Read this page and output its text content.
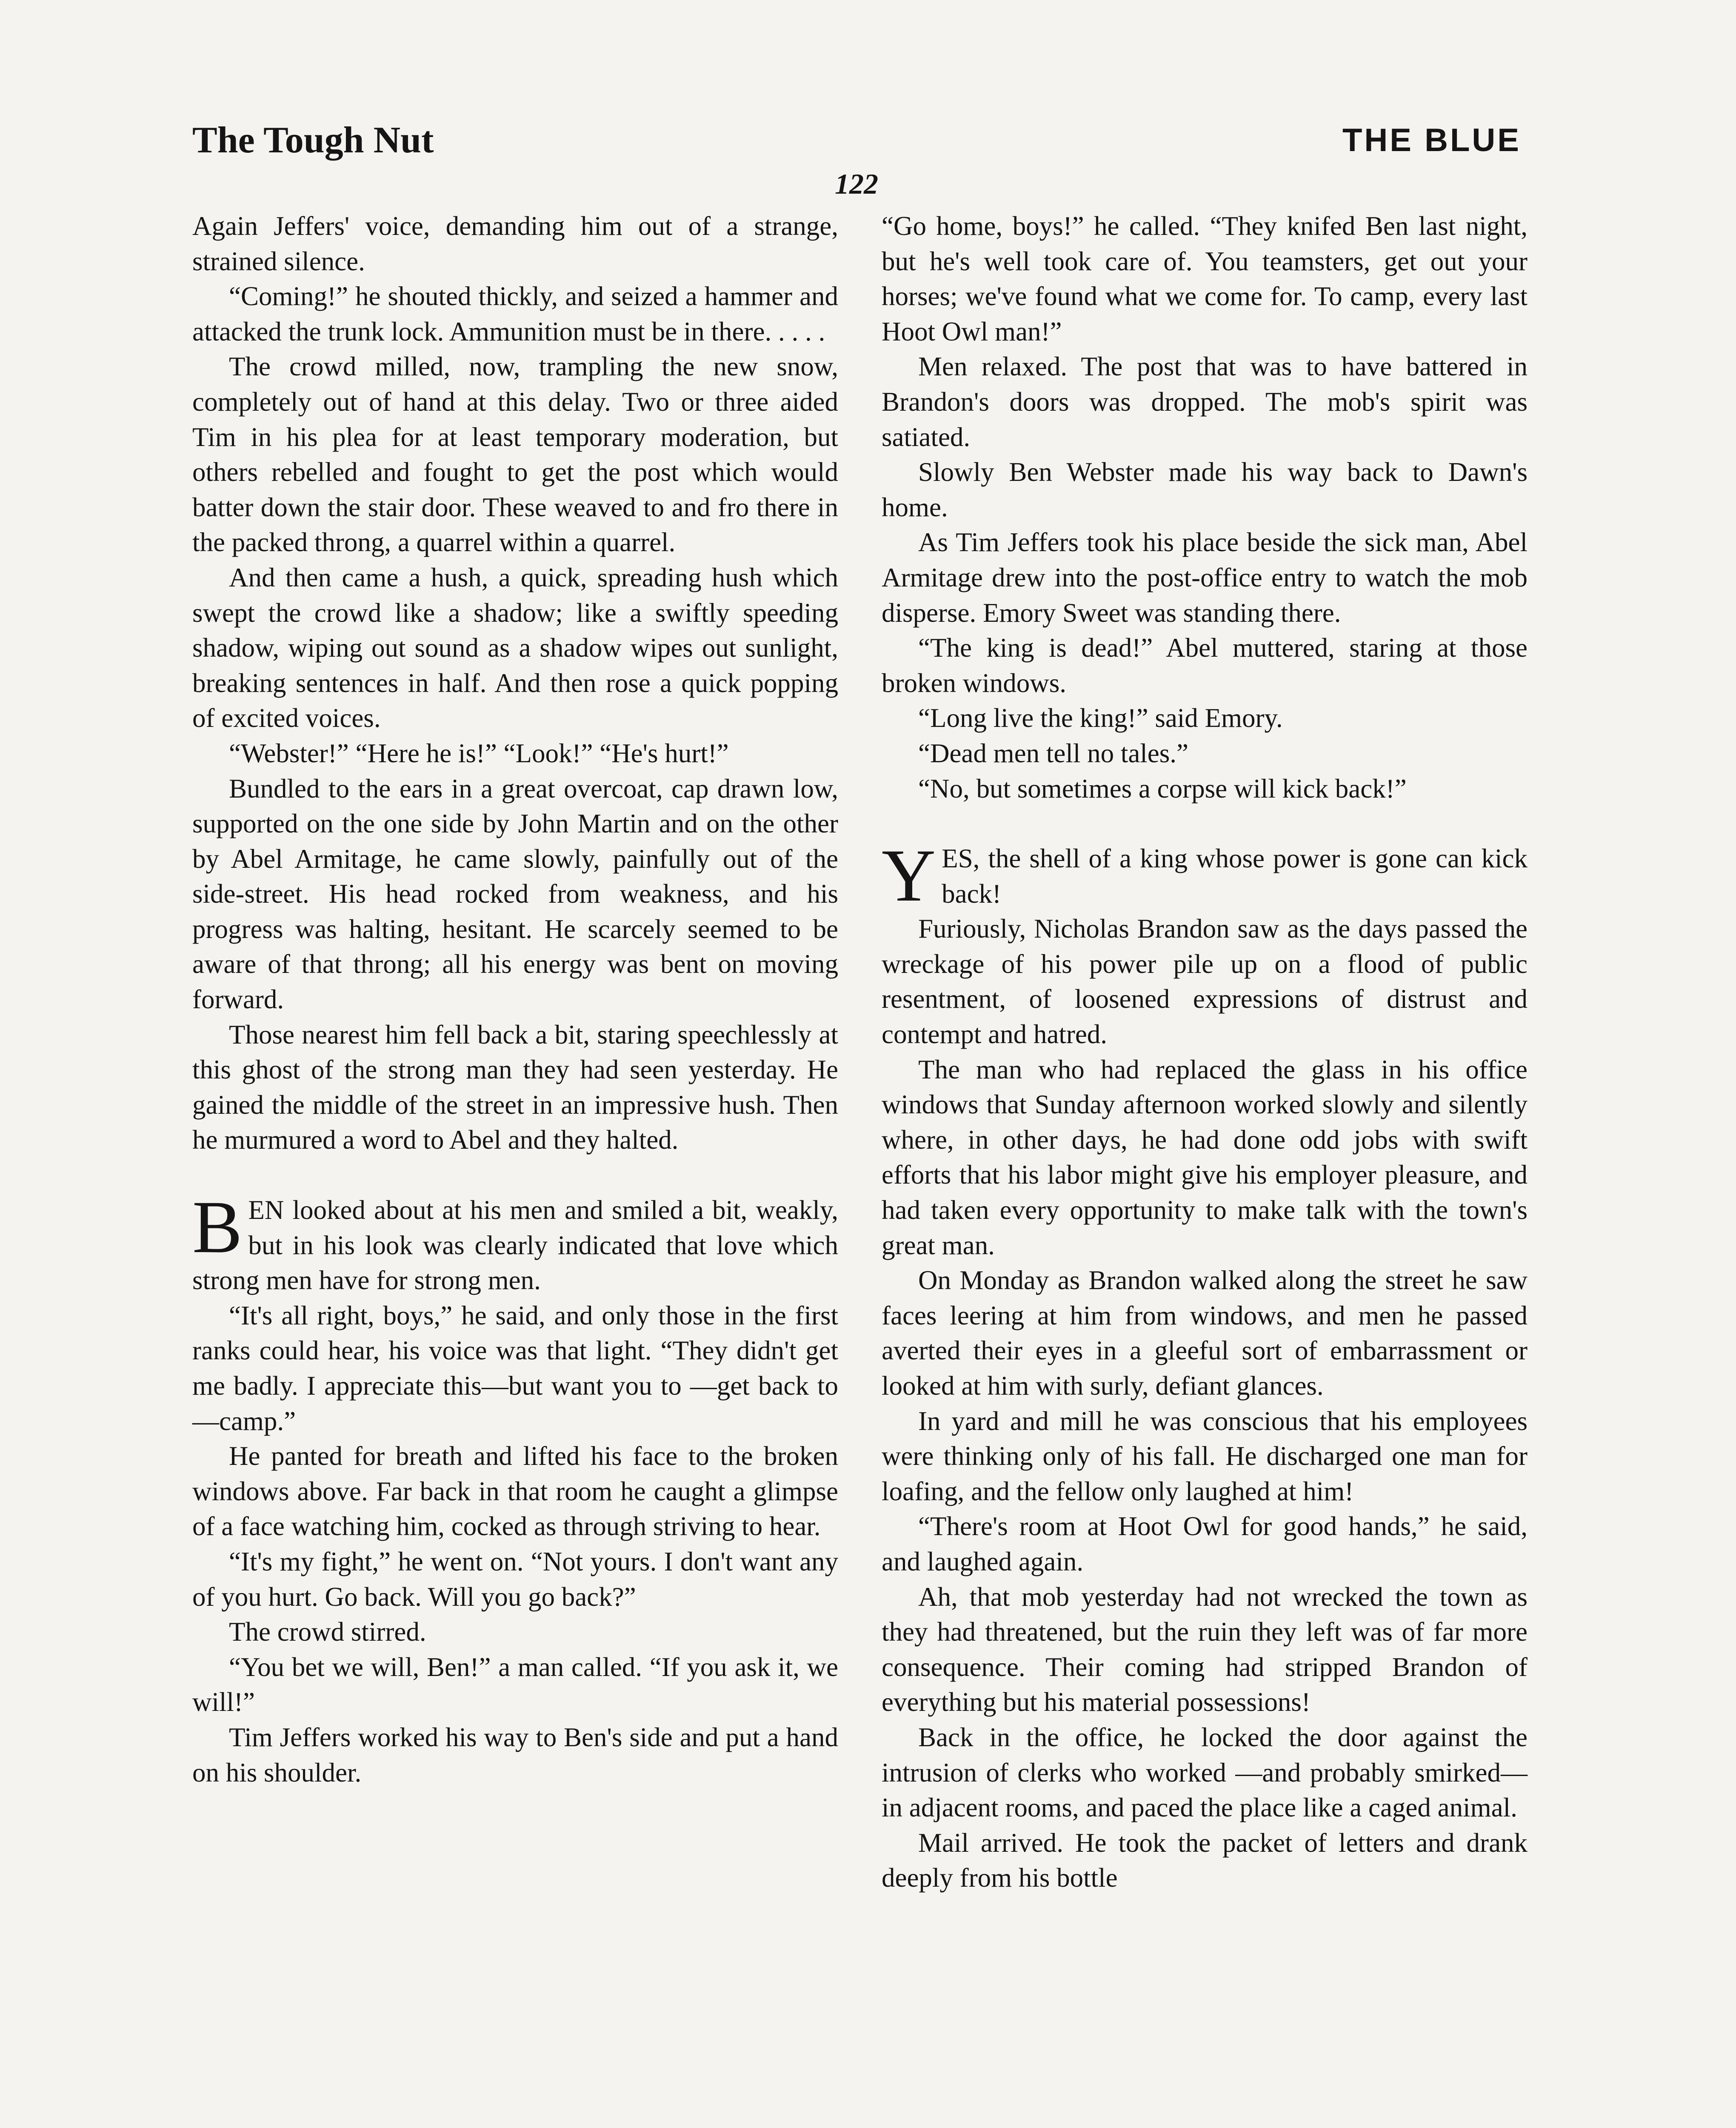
The Tough Nut	THE BLUE
122

Again Jeffers' voice, demanding him out of a strange, strained silence.

“Coming!” he shouted thickly, and seized a hammer and attacked the trunk lock. Ammunition must be in there. . . . .

The crowd milled, now, trampling the new snow, completely out of hand at this delay. Two or three aided Tim in his plea for at least temporary moderation, but others rebelled and fought to get the post which would batter down the stair door. These weaved to and fro there in the packed throng, a quarrel within a quarrel.

And then came a hush, a quick, spreading hush which swept the crowd like a shadow; like a swiftly speeding shadow, wiping out sound as a shadow wipes out sunlight, breaking sentences in half. And then rose a quick popping of excited voices.

“Webster!” “Here he is!” “Look!” “He's hurt!”

Bundled to the ears in a great overcoat, cap drawn low, supported on the one side by John Martin and on the other by Abel Armitage, he came slowly, painfully out of the side-street. His head rocked from weakness, and his progress was halting, hesitant. He scarcely seemed to be aware of that throng; all his energy was bent on moving forward.

Those nearest him fell back a bit, staring speechlessly at this ghost of the strong man they had seen yesterday. He gained the middle of the street in an impressive hush. Then he murmured a word to Abel and they halted.

BEN looked about at his men and smiled a bit, weakly, but in his look was clearly indicated that love which strong men have for strong men.

“It's all right, boys,” he said, and only those in the first ranks could hear, his voice was that light. “They didn't get me badly. I appreciate this—but want you to —get back to—camp.”

He panted for breath and lifted his face to the broken windows above. Far back in that room he caught a glimpse of a face watching him, cocked as through striving to hear.

“It's my fight,” he went on. “Not yours. I don't want any of you hurt. Go back. Will you go back?”

The crowd stirred.

“You bet we will, Ben!” a man called. “If you ask it, we will!”

Tim Jeffers worked his way to Ben's side and put a hand on his shoulder.

“Go home, boys!” he called. “They knifed Ben last night, but he's well took care of. You teamsters, get out your horses; we've found what we come for. To camp, every last Hoot Owl man!”

Men relaxed. The post that was to have battered in Brandon's doors was dropped. The mob's spirit was satiated.

Slowly Ben Webster made his way back to Dawn's home.

As Tim Jeffers took his place beside the sick man, Abel Armitage drew into the post-office entry to watch the mob disperse. Emory Sweet was standing there.

“The king is dead!” Abel muttered, staring at those broken windows.

“Long live the king!” said Emory.

“Dead men tell no tales.”

“No, but sometimes a corpse will kick back!”

YES, the shell of a king whose power is gone can kick back!

Furiously, Nicholas Brandon saw as the days passed the wreckage of his power pile up on a flood of public resentment, of loosened expressions of distrust and contempt and hatred.

The man who had replaced the glass in his office windows that Sunday afternoon worked slowly and silently where, in other days, he had done odd jobs with swift efforts that his labor might give his employer pleasure, and had taken every opportunity to make talk with the town's great man.

On Monday as Brandon walked along the street he saw faces leering at him from windows, and men he passed averted their eyes in a gleeful sort of embarrassment or looked at him with surly, defiant glances.

In yard and mill he was conscious that his employees were thinking only of his fall. He discharged one man for loafing, and the fellow only laughed at him!

“There's room at Hoot Owl for good hands,” he said, and laughed again.

Ah, that mob yesterday had not wrecked the town as they had threatened, but the ruin they left was of far more consequence. Their coming had stripped Brandon of everything but his material possessions!

Back in the office, he locked the door against the intrusion of clerks who worked —and probably smirked—in adjacent rooms, and paced the place like a caged animal.

Mail arrived. He took the packet of letters and drank deeply from his bottle
